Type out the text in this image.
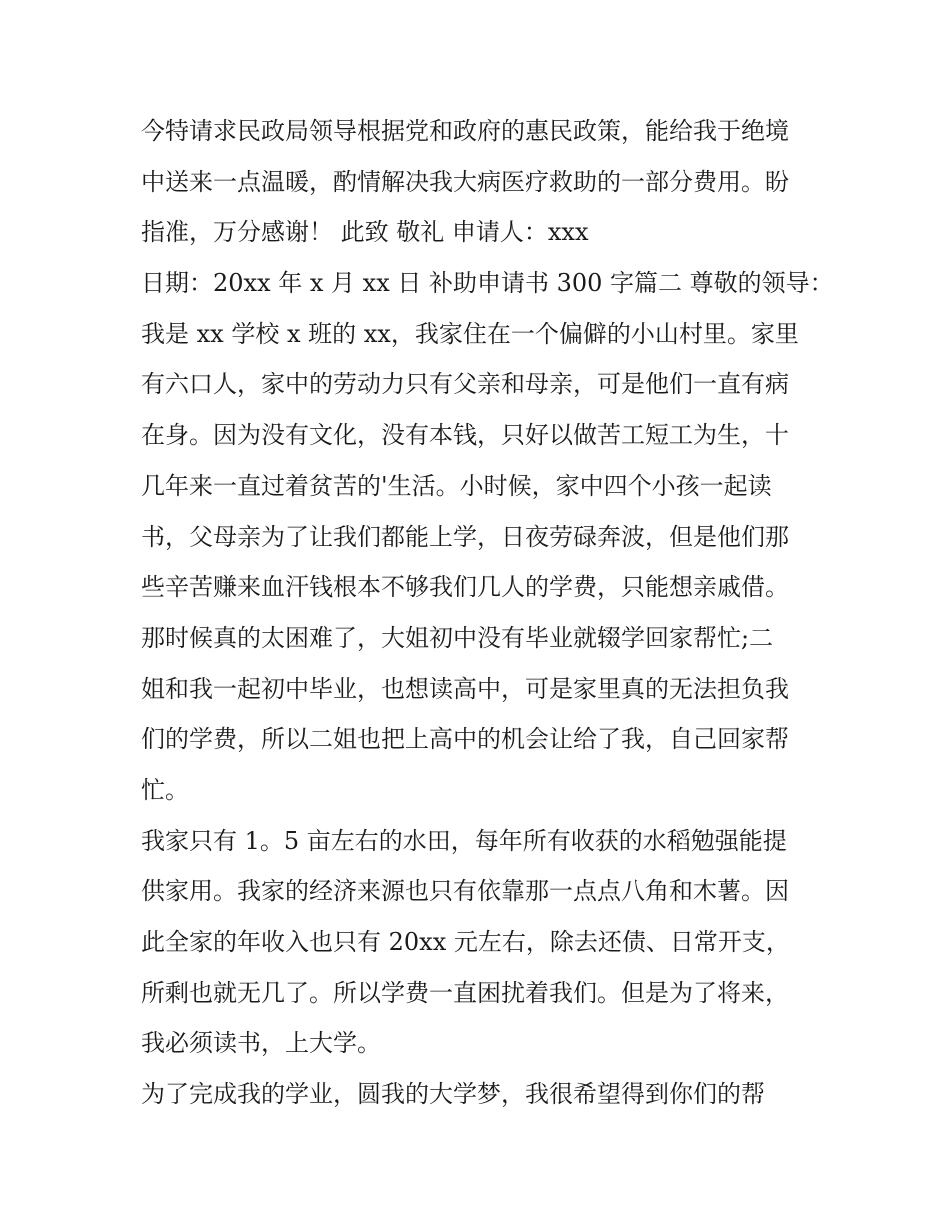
今特请求民政局领导根据党和政府的惠民政策，能给我于绝境
中送来一点温暖，酌情解决我大病医疗救助的一部分费用。盼
指准，万分感谢！ 此致 敬礼 申请人：xxx
日期：20xx 年 x 月 xx 日 补助申请书 300 字篇二 尊敬的领导：
我是 xx 学校 x 班的 xx，我家住在一个偏僻的小山村里。家里
有六口人，家中的劳动力只有父亲和母亲，可是他们一直有病
在身。因为没有文化，没有本钱，只好以做苦工短工为生，十
几年来一直过着贫苦的'生活。小时候，家中四个小孩一起读
书，父母亲为了让我们都能上学，日夜劳碌奔波，但是他们那
些辛苦赚来血汗钱根本不够我们几人的学费，只能想亲戚借。
那时候真的太困难了，大姐初中没有毕业就辍学回家帮忙;二
姐和我一起初中毕业，也想读高中，可是家里真的无法担负我
们的学费，所以二姐也把上高中的机会让给了我，自己回家帮
忙。
我家只有 1。5 亩左右的水田，每年所有收获的水稻勉强能提
供家用。我家的经济来源也只有依靠那一点点八角和木薯。因
此全家的年收入也只有 20xx 元左右，除去还债、日常开支，
所剩也就无几了。所以学费一直困扰着我们。但是为了将来，
我必须读书，上大学。
为了完成我的学业，圆我的大学梦，我很希望得到你们的帮
